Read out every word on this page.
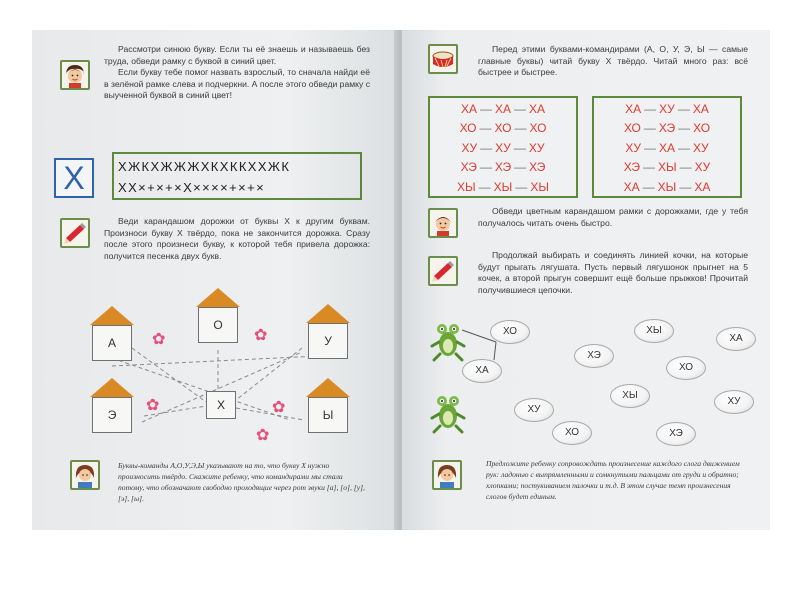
Рассмотри синюю букву. Если ты её знаешь и называешь без труда, обведи рамку с буквой в синий цвет.

Если букву тебе помог назвать взрослый, то сначала найди её в зелёной рамке слева и подчеркни. А после этого обведи рамку с выученной буквой в синий цвет!

Х	ХЖКХЖЖЖХКХККХХЖК
ХХ×+×+×Х××××+×+×

Веди карандашом дорожки от буквы Х к другим буквам. Произноси букву Х твёрдо, пока не закончится дорожка. Сразу после этого произнеси букву, к которой тебя привела дорожка: получится песенка двух букв.

А
О
У
Э	Ы
Х
✿	✿
✿	✿
✿
Буквы-команды А,О,У,Э,Ы указывают на то, что букву Х нужно произносить твёрдо. Скажите ребенку, что командирами мы стали потому, что обозначают свободно проходящие через рот звуки [а], [о], [у], [э], [ы].

Перед этими буквами-командирами (А, О, У, Э, Ы — самые главные буквы) читай букву Х твёрдо. Читай много раз: всё быстрее и быстрее.

ХА — ХА — ХА
ХО — ХО — ХО
ХУ — ХУ — ХУ
ХЭ — ХЭ — ХЭ
ХЫ — ХЫ — ХЫ
ХА — ХУ — ХА
ХО — ХЭ — ХО
ХУ — ХА — ХУ
ХЭ — ХЫ — ХУ
ХА — ХЫ — ХА

Обведи цветным карандашом рамки с дорожками, где у тебя получалось читать очень быстро.

Продолжай выбирать и соединять линией кочки, на которые будут прыгать лягушата. Пусть первый лягушонок прыгнет на 5 кочек, а второй прыгун совершит ещё больше прыжков! Прочитай получившиеся цепочки.

ХО	ХЫ
ХА
ХЭ
ХА
ХО
ХЫ
ХУ
ХУ
ХО	ХЭ
Предложите ребенку сопровождать произнесение каждого слога движением рук: ладонью с выпрямленными и сомкнутыми пальцами от груди и обратно; хлопками; постукиванием палочки и т.д. В этом случае темп произнесения слогов будет единым.
